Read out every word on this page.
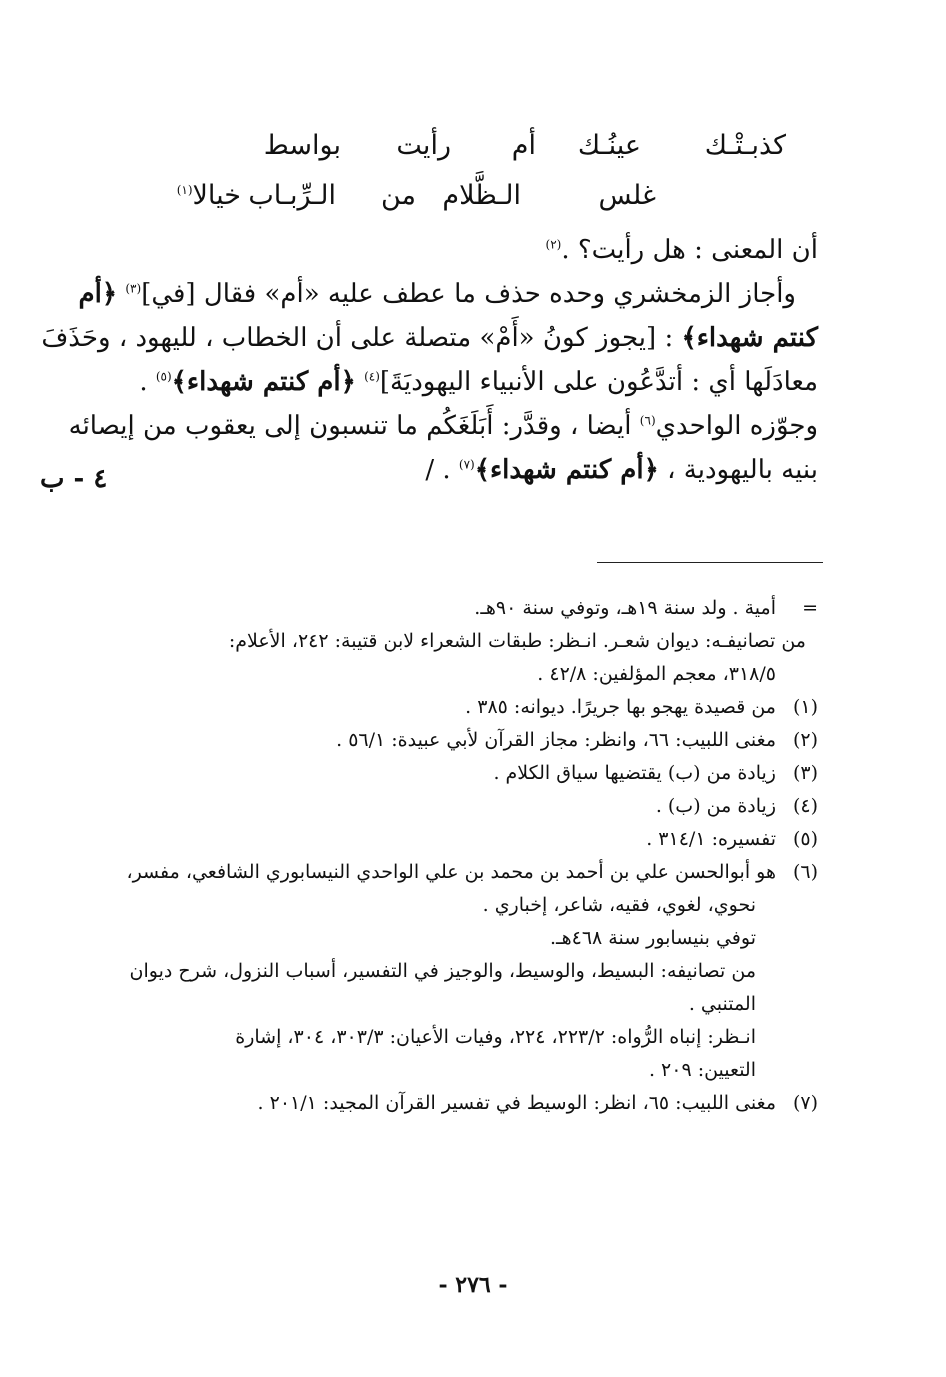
كذبـتْـك
عينُـك
أم
رأيت
بواسط
غلس
الـظَّلام
من
الـرِّبـاب
خيالا$^{(١)}$

أن المعنى : هل رأيت؟ .$^{(٢)}$

وأجاز الزمخشري وحده حذف ما عطف عليه «أم» فقال [في]$^{(٣)}$ ﴿أم

كنتم شهداء﴾ : [يجوز كونُ «أَمْ» متصلة على أن الخطاب ، لليهود ، وحَذَفَ

معادَلَها أي : أتدَّعُون على الأنبياء اليهوديَةَ]$^{(٤)}$ ﴿أم كنتم شهداء﴾$^{(٥)}$ .

وجوّزه الواحدي$^{(٦)}$ أيضا ، وقدَّر: أَبَلَغَكُم ما تنسبون إلى يعقوب من إيصائه

بنيه باليهودية ، ﴿أم كنتم شهداء﴾$^{(٧)}$ . /

٤ - ب
=

أمية . ولد سنة ١٩هـ، وتوفي سنة ٩٠هـ.

من تصانيفـه: ديوان شعـر. انـظر: طبقات الشعراء لابن قتيبة: ٢٤٢، الأعلام:

٣١٨/٥، معجم المؤلفين: ٤٢/٨ .

(١)

من قصيدة يهجو بها جريرًا. ديوانه: ٣٨٥ .

(٢)

مغنى اللبيب: ٦٦، وانظر: مجاز القرآن لأبي عبيدة: ٥٦/١ .

(٣)

زيادة من (ب) يقتضيها سياق الكلام .

(٤)

زيادة من (ب) .

(٥)

تفسيره: ٣١٤/١ .

(٦)

هو أبوالحسن علي بن أحمد بن محمد بن علي الواحدي النيسابوري الشافعي، مفسر،

نحوي، لغوي، فقيه، شاعر، إخباري .

توفي بنيسابور سنة ٤٦٨هـ.

من تصانيفه: البسيط، والوسيط، والوجيز في التفسير، أسباب النزول، شرح ديوان

المتنبي .

انـظر: إنباه الرُّواه: ٢٢٣/٢، ٢٢٤، وفيات الأعيان: ٣٠٣/٣، ٣٠٤، إشارة

التعيين: ٢٠٩ .

(٧)

مغنى اللبيب: ٦٥، انظر: الوسيط في تفسير القرآن المجيد: ٢٠١/١ .

- ٢٧٦ -
